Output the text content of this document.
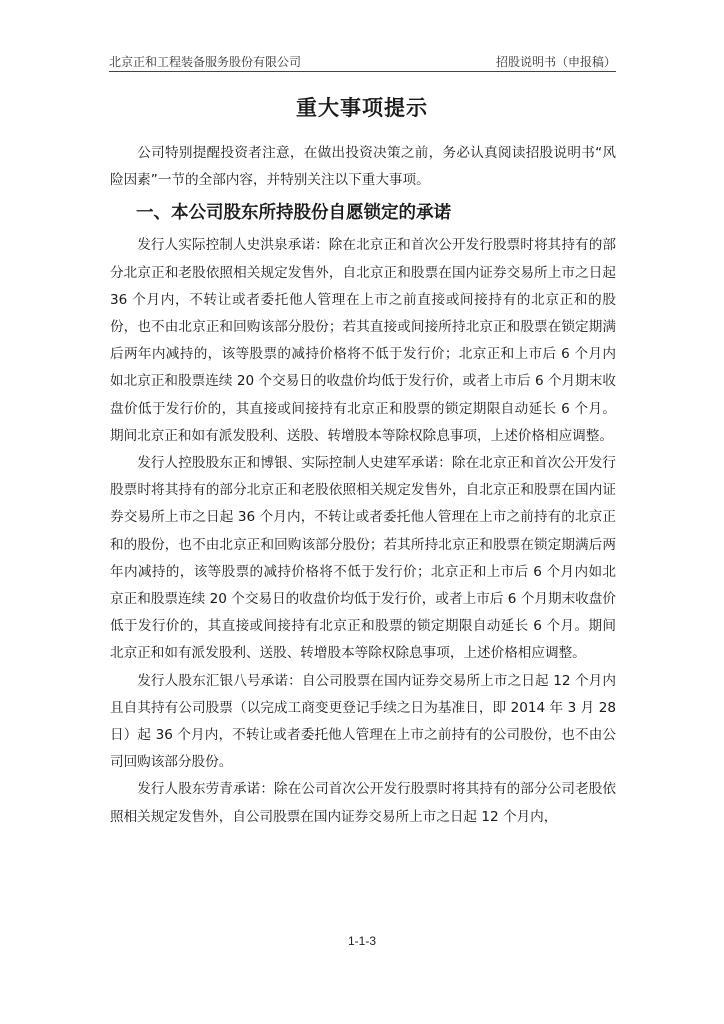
北京正和工程装备服务股份有限公司	招股说明书（申报稿）
重大事项提示

公司特别提醒投资者注意，在做出投资决策之前，务必认真阅读招股说明书“风险因素”一节的全部内容，并特别关注以下重大事项。

一、本公司股东所持股份自愿锁定的承诺

发行人实际控制人史洪泉承诺：除在北京正和首次公开发行股票时将其持有的部分北京正和老股依照相关规定发售外，自北京正和股票在国内证券交易所上市之日起 36 个月内，不转让或者委托他人管理在上市之前直接或间接持有的北京正和的股份，也不由北京正和回购该部分股份；若其直接或间接所持北京正和股票在锁定期满后两年内减持的，该等股票的减持价格将不低于发行价；北京正和上市后 6 个月内如北京正和股票连续 20 个交易日的收盘价均低于发行价，或者上市后 6 个月期末收盘价低于发行价的，其直接或间接持有北京正和股票的锁定期限自动延长 6 个月。期间北京正和如有派发股利、送股、转增股本等除权除息事项，上述价格相应调整。

发行人控股股东正和博银、实际控制人史建军承诺：除在北京正和首次公开发行股票时将其持有的部分北京正和老股依照相关规定发售外，自北京正和股票在国内证券交易所上市之日起 36 个月内，不转让或者委托他人管理在上市之前持有的北京正和的股份，也不由北京正和回购该部分股份；若其所持北京正和股票在锁定期满后两年内减持的，该等股票的减持价格将不低于发行价；北京正和上市后 6 个月内如北京正和股票连续 20 个交易日的收盘价均低于发行价，或者上市后 6 个月期末收盘价低于发行价的，其直接或间接持有北京正和股票的锁定期限自动延长 6 个月。期间北京正和如有派发股利、送股、转增股本等除权除息事项，上述价格相应调整。

发行人股东汇银八号承诺：自公司股票在国内证券交易所上市之日起 12 个月内且自其持有公司股票（以完成工商变更登记手续之日为基准日，即 2014 年 3 月 28 日）起 36 个月内，不转让或者委托他人管理在上市之前持有的公司股份，也不由公司回购该部分股份。

发行人股东劳青承诺：除在公司首次公开发行股票时将其持有的部分公司老股依照相关规定发售外，自公司股票在国内证券交易所上市之日起 12 个月内，

1-1-3
